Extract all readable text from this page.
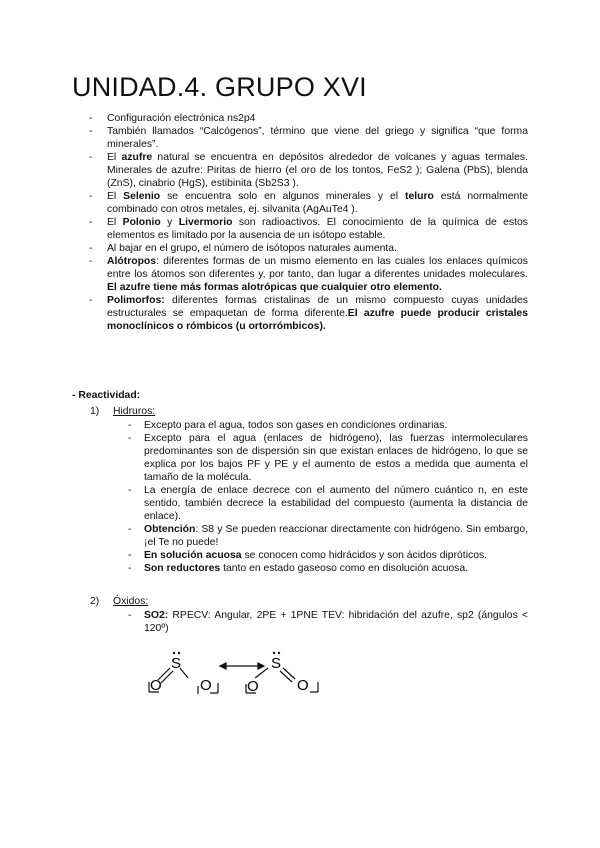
UNIDAD.4. GRUPO XVI
- Configuración electrónica ns2p4
- También llamados “Calcógenos”, término que viene del griego y significa “que forma minerales”.
- El azufre natural se encuentra en depósitos alrededor de volcanes y aguas termales. Minerales de azufre: Piritas de hierro (el oro de los tontos, FeS2 ); Galena (PbS), blenda (ZnS), cinabrio (HgS), estibinita (Sb2S3 ).
- El Selenio se encuentra solo en algunos minerales y el teluro está normalmente combinado con otros metales, ej. silvanita (AgAuTe4 ).
- El Polonio y Livermorio son radioactivos. El conocimiento de la química de estos elementos es limitado por la ausencia de un isótopo estable.
- Al bajar en el grupo, el número de isótopos naturales aumenta.
- Alótropos: diferentes formas de un mismo elemento en las cuales los enlaces químicos entre los átomos son diferentes y, por tanto, dan lugar a diferentes unidades moleculares. El azufre tiene más formas alotrópicas que cualquier otro elemento.
- Polimorfos: diferentes formas cristalinas de un mismo compuesto cuyas unidades estructurales se empaquetan de forma diferente.El azufre puede producir cristales monoclínicos o rómbicos (u ortorrómbicos).
- Reactividad:
1) Hidruros:
- Excepto para el agua, todos son gases en condiciones ordinarias.
- Excepto para el agua (enlaces de hidrógeno), las fuerzas intermoleculares predominantes son de dispersión sin que existan enlaces de hidrógeno, lo que se explica por los bajos PF y PE y el aumento de estos a medida que aumenta el tamaño de la molécula.
- La energía de enlace decrece con el aumento del número cuántico n, en este sentido, también decrece la estabilidad del compuesto (aumenta la distancia de enlace).
- Obtención: S8 y Se pueden reaccionar directamente con hidrógeno. Sin embargo, ¡el Te no puede!
- En solución acuosa se conocen como hidrácidos y son ácidos dipróticos.
- Son reductores tanto en estado gaseoso como en disolución acuosa.
2) Óxidos:
- SO2: RPECV: Angular, 2PE + 1PNE TEV: hibridación del azufre, sp2 (ángulos < 120º)
S
O	O
S
O	O
